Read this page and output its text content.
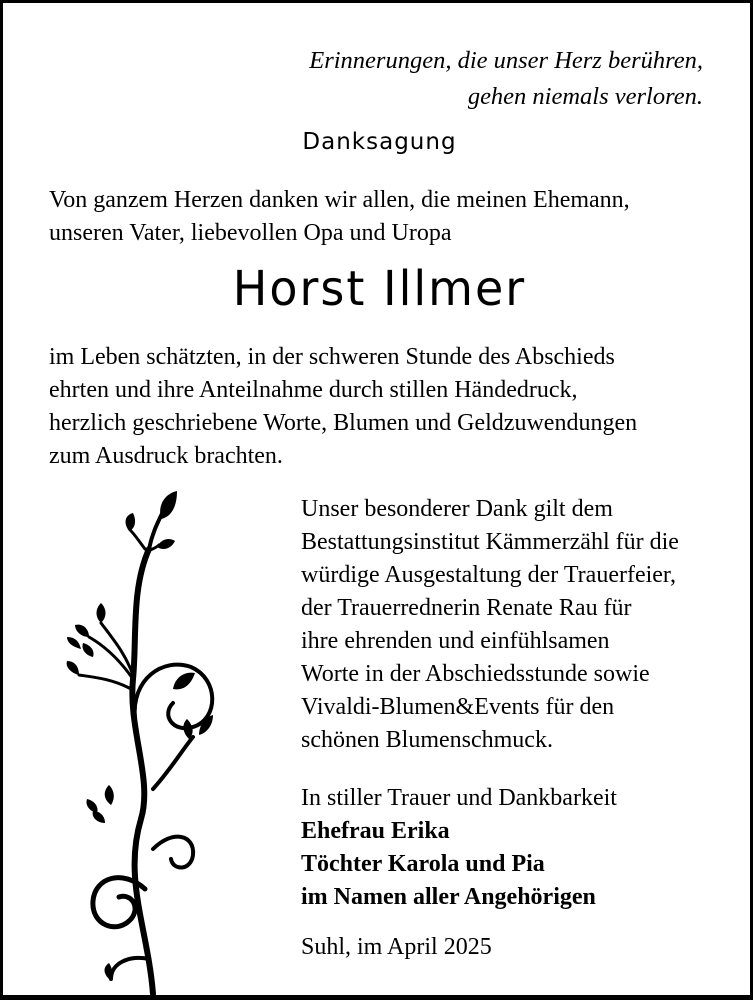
Erinnerungen, die unser Herz berühren,
gehen niemals verloren.
Danksagung
Von ganzem Herzen danken wir allen, die meinen Ehemann,
unseren Vater, liebevollen Opa und Uropa
Horst Illmer
im Leben schätzten, in der schweren Stunde des Abschieds
ehrten und ihre Anteilnahme durch stillen Händedruck,
herzlich geschriebene Worte, Blumen und Geldzuwendungen
zum Ausdruck brachten.
Unser besonderer Dank gilt dem
Bestattungsinstitut Kämmerzähl für die
würdige Ausgestaltung der Trauerfeier,
der Trauerrednerin Renate Rau für
ihre ehrenden und einfühlsamen
Worte in der Abschiedsstunde sowie
Vivaldi-Blumen&Events für den
schönen Blumenschmuck.
In stiller Trauer und Dankbarkeit
Ehefrau Erika
Töchter Karola und Pia
im Namen aller Angehörigen
Suhl, im April 2025
